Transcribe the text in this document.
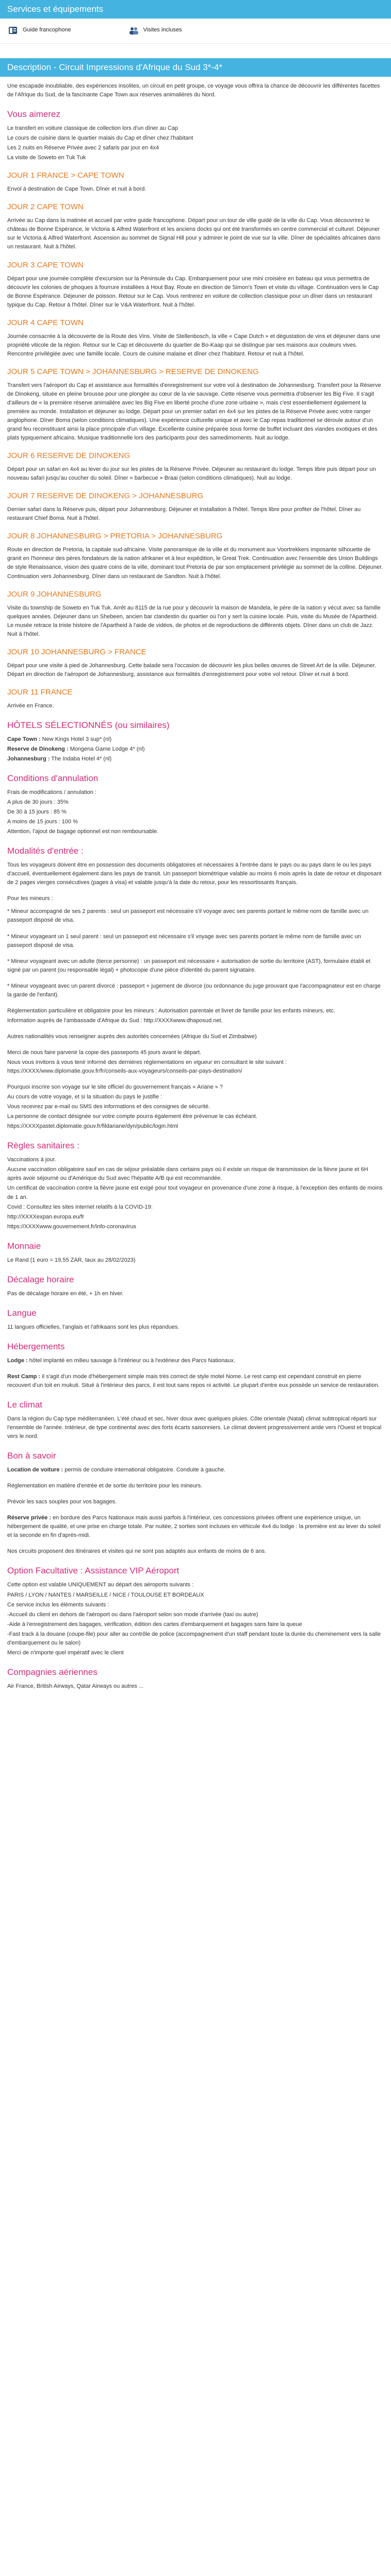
Services et équipements
Guide francophone	Visites incluses
Description - Circuit Impressions d'Afrique du Sud 3*-4*

Une escapade inoubliable, des expériences insolites, un circuit en petit groupe, ce voyage vous offrira la chance de découvrir les différentes facettes de l'Afrique du Sud, de la fascinante Cape Town aux réserves animalières du Nord.

Vous aimerez

Le transfert en voiture classique de collection lors d'un dîner au Cap

Le cours de cuisine dans le quartier malais du Cap et dîner chez l'habitant

Les 2 nuits en Réserve Privée avec 2 safaris par jour en 4x4

La visite de Soweto en Tuk Tuk

JOUR 1 FRANCE > CAPE TOWN

Envol à destination de Cape Town. Dîner et nuit à bord.

JOUR 2 CAPE TOWN

Arrivée au Cap dans la matinée et accueil par votre guide francophone. Départ pour un tour de ville guidé de la ville du Cap. Vous découvrirez le château de Bonne Espérance, le Victoria & Alfred Waterfront et les anciens docks qui ont été transformés en centre commercial et culturel. Déjeuner sur le Victoria & Alfred Waterfront. Ascension au sommet de Signal Hill pour y admirer le point de vue sur la ville. Dîner de spécialités africaines dans un restaurant. Nuit à l'hôtel.

JOUR 3 CAPE TOWN

Départ pour une journée complète d'excursion sur la Péninsule du Cap. Embarquement pour une mini croisière en bateau qui vous permettra de découvrir les colonies de phoques à fourrure installées à Hout Bay. Route en direction de Simon's Town et visite du village. Continuation vers le Cap de Bonne Espérance. Déjeuner de poisson. Retour sur le Cap. Vous rentrerez en voiture de collection classique pour un dîner dans un restaurant typique du Cap. Retour à l'hôtel. Dîner sur le V&A Waterfront. Nuit à l'hôtel.

JOUR 4 CAPE TOWN

Journée consacrée à la découverte de la Route des Vins. Visite de Stellenbosch, la ville « Cape Dutch » et dégustation de vins et déjeuner dans une propriété viticole de la région. Retour sur le Cap et découverte du quartier de Bo-Kaap qui se distingue par ses maisons aux couleurs vives. Rencontre privilégiée avec une famille locale. Cours de cuisine malaise et dîner chez l'habitant. Retour et nuit à l'hôtel.

JOUR 5 CAPE TOWN > JOHANNESBURG > RESERVE DE DINOKENG

Transfert vers l'aéroport du Cap et assistance aux formalités d'enregistrement sur votre vol à destination de Johannesburg. Transfert pour la Réserve de Dinokeng, située en pleine brousse pour une plongée au cœur de la vie sauvage. Cette réserve vous permettra d'observer les Big Five. Il s'agit d'ailleurs de « la première réserve animalière avec les Big Five en liberté proche d'une zone urbaine », mais c'est essentiellement également la première au monde. Installation et déjeuner au lodge. Départ pour un premier safari en 4x4 sur les pistes de la Réserve Privée avec votre ranger anglophone. Dîner Boma (selon conditions climatiques). Une expérience culturelle unique et avec le Cap repas traditionnel se déroule autour d'un grand feu reconstituant ainsi la place principale d'un village. Excellente cuisine préparée sous forme de buffet incluant des viandes exotiques et des plats typiquement africains. Musique traditionnelle lors des participants pour des samedimoments. Nuit au lodge.

JOUR 6 RESERVE DE DINOKENG

Départ pour un safari en 4x4 au lever du jour sur les pistes de la Réserve Privée. Déjeuner au restaurant du lodge. Temps libre puis départ pour un nouveau safari jusqu'au coucher du soleil. Dîner « barbecue » Braai (selon conditions climatiques). Nuit au lodge.

JOUR 7 RESERVE DE DINOKENG > JOHANNESBURG

Dernier safari dans la Réserve puis, départ pour Johannesburg. Déjeuner et installation à l'hôtel. Temps libre pour profiter de l'hôtel. Dîner au restaurant Chief Boma. Nuit à l'hôtel.

JOUR 8 JOHANNESBURG > PRETORIA > JOHANNESBURG

Route en direction de Pretoria, la capitale sud-africaine. Visite panoramique de la ville et du monument aux Voortrekkers imposante silhouette de granit en l'honneur des pères fondateurs de la nation afrikaner et à leur expédition, le Great Trek. Continuation avec l'ensemble des Union Buildings de style Renaissance, vision des quatre coins de la ville, dominant tout Pretoria de par son emplacement privilégié au sommet de la colline. Déjeuner. Continuation vers Johannesburg. Dîner dans un restaurant de Sandton. Nuit à l'hôtel.

JOUR 9 JOHANNESBURG

Visite du township de Soweto en Tuk Tuk. Arrêt au 8115 de la rue pour y découvrir la maison de Mandela, le père de la nation y vécut avec sa famille quelques années. Déjeuner dans un Shebeen, ancien bar clandestin du quartier où l'on y sert la cuisine locale. Puis, visite du Musée de l'Apartheid. Le musée retrace la triste histoire de l'Apartheid à l'aide de vidéos, de photos et de reproductions de différents objets. Dîner dans un club de Jazz. Nuit à l'hôtel.

JOUR 10 JOHANNESBURG > FRANCE

Départ pour une visite à pied de Johannesburg. Cette balade sera l'occasion de découvrir les plus belles œuvres de Street Art de la ville. Déjeuner. Départ en direction de l'aéroport de Johannesburg, assistance aux formalités d'enregistrement pour votre vol retour. Dîner et nuit à bord.

JOUR 11 FRANCE

Arrivée en France.

HÔTELS SÉLECTIONNÉS (ou similaires)

Cape Town : New Kings Hotel 3 sup* (nl)

Reserve de Dinokeng : Mongena Game Lodge 4* (nl)

Johannesburg : The Indaba Hotel 4* (nl)

Conditions d'annulation

Frais de modifications / annulation :

A plus de 30 jours : 35%

De 30 à 15 jours : 85 %

A moins de 15 jours : 100 %

Attention, l'ajout de bagage optionnel est non remboursable.

Modalités d'entrée :

Tous les voyageurs doivent être en possession des documents obligatoires et nécessaires à l'entrée dans le pays ou au pays dans le ou les pays d'accueil, éventuellement également dans les pays de transit. Un passeport biométrique valable au moins 6 mois après la date de retour et disposant de 2 pages vierges consécutives (pages à visa) et valable jusqu'à la date du retour, pour les ressortissants français.

Pour les mineurs :

* Mineur accompagné de ses 2 parents : seul un passeport est nécessaire s'il voyage avec ses parents portant le même nom de famille avec un passeport disposé de visa.

* Mineur voyageant un 1 seul parent : seul un passeport est nécessaire s'il voyage avec ses parents portant le même nom de famille avec un passeport disposé de visa.

* Mineur voyageant avec un adulte (tierce personne) : un passeport est nécessaire + autorisation de sortie du territoire (AST), formulaire établi et signé par un parent (ou responsable légal) + photocopie d'une pièce d'identité du parent signataire.

* Mineur voyageant avec un parent divorcé : passeport + jugement de divorce (ou ordonnance du juge prouvant que l'accompagnateur est en charge la garde de l'enfant).

Réglementation particulière et obligatoire pour les mineurs : Autorisation parentale et livret de famille pour les enfants mineurs, etc.

Information auprès de l'ambassade d'Afrique du Sud : http://XXXXwww.dhaposud.net.

Autres nationalités vous renseigner auprès des autorités concernées (Afrique du Sud et Zimbabwe)

Merci de nous faire parvenir la copie des passeports 45 jours avant le départ.

Nous vous invitons à vous tenir informé des dernières réglementations en vigueur en consultant le site suivant : https://XXXX/www.diplomatie.gouv.fr/fr/conseils-aux-voyageurs/conseils-par-pays-destination/

Pourquoi inscrire son voyage sur le site officiel du gouvernement français « Ariane » ?

Au cours de votre voyage, et si la situation du pays le justifie :

Vous recevrez par e-mail ou SMS des informations et des consignes de sécurité.

La personne de contact désignée sur votre compte pourra également être prévenue le cas échéant.

https://XXXXpastel.diplomatie.gouv.fr/fildariane/dyn/public/login.html

Règles sanitaires :

Vaccinations à jour.

Aucune vaccination obligatoire sauf en cas de séjour préalable dans certains pays où il existe un risque de transmission de la fièvre jaune et 6H après avoir séjourné ou d'Amérique du Sud avec l'hépatite A/B qui est recommandée.

Un certificat de vaccination contre la fièvre jaune est exigé pour tout voyageur en provenance d'une zone à risque, à l'exception des enfants de moins de 1 an.

Covid : Consultez les sites internet relatifs à la COVID-19:

http://XXXXexpan.europa.eu/fr

https://XXXXwww.gouvernement.fr/info-coronavirus

Monnaie

Le Rand (1 euro = 19,55 ZAR, taux au 28/02/2023)

Décalage horaire

Pas de décalage horaire en été, + 1h en hiver.

Langue

11 langues officielles, l'anglais et l'afrikaans sont les plus répandues.

Hébergements

Lodge : hôtel implanté en milieu sauvage à l'intérieur ou à l'extérieur des Parcs Nationaux.

Rest Camp : il s'agit d'un mode d'hébergement simple mais très correct de style motel Nome. Le rest camp est cependant construit en pierre recouvert d'un toit en mukuti. Situé à l'intérieur des parcs, il est tout sans repos ni activité. Le plupart d'entre eux possède un service de restauration.

Le climat

Dans la région du Cap type méditerranéen. L'été chaud et sec, hiver doux avec quelques pluies. Côte orientale (Natal) climat subtropical réparti sur l'ensemble de l'année. Intérieur, de type continental avec des forts écarts saisonniers. Le climat devient progressivement aride vers l'Ouest et tropical vers le nord.

Bon à savoir

Location de voiture : permis de conduire international obligatoire. Conduite à gauche.

Réglementation en matière d'entrée et de sortie du territoire pour les mineurs.

Prévoir les sacs souples pour vos bagages.

Réserve privée : en bordure des Parcs Nationaux mais aussi parfois à l'intérieur, ces concessions privées offrent une expérience unique, un hébergement de qualité, et une prise en charge totale. Par nuitée, 2 sorties sont incluses en véhicule 4x4 du lodge : la première est au lever du soleil et la seconde en fin d'après-midi.

Nos circuits proposent des itinéraires et visites qui ne sont pas adaptés aux enfants de moins de 6 ans.

Option Facultative : Assistance VIP Aéroport

Cette option est valable UNIQUEMENT au départ des aéroports suivants :

PARIS / LYON / NANTES / MARSEILLE / NICE / TOULOUSE ET BORDEAUX

Ce service inclus les éléments suivants :

-Accueil du client en dehors de l'aéroport ou dans l'aéroport selon son mode d'arrivée (taxi ou autre)

-Aide à l'enregistrement des bagages, vérification, édition des cartes d'embarquement et bagages sans faire la queue

-Fast track à la douane (coupe-file) pour aller au contrôle de police (accompagnement d'un staff pendant toute la durée du cheminement vers la salle d'embarquement ou le salon)

Merci de n'importe quel impératif avec le client

Compagnies aériennes

Air France, British Airways, Qatar Airways ou autres ...
